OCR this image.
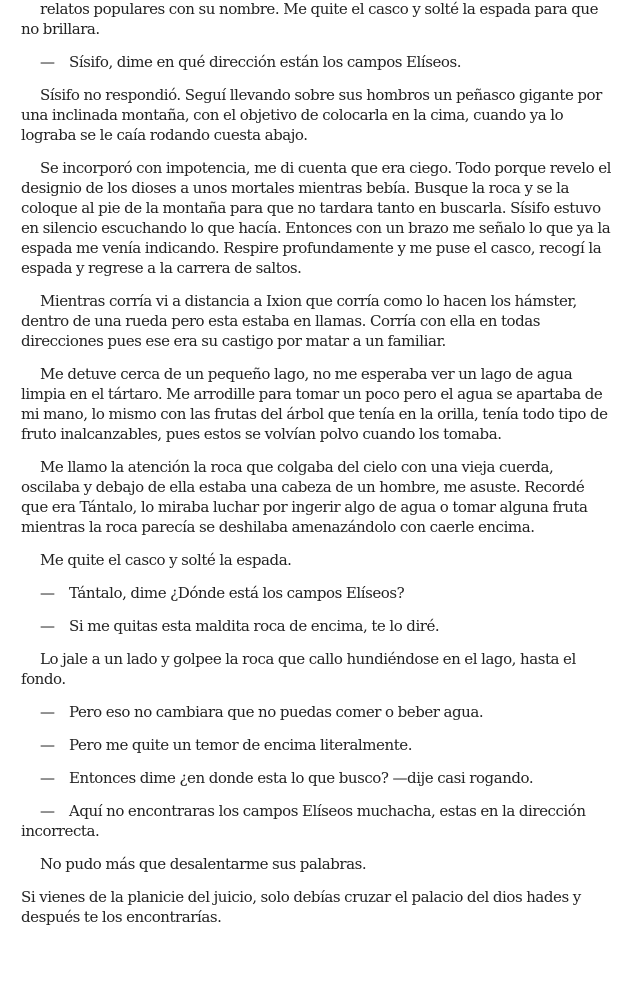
relatos populares con su nombre. Me quite el casco y solté la espada para que no brillara.

— Sísifo, dime en qué dirección están los campos Elíseos.

Sísifo no respondió. Seguí llevando sobre sus hombros un peñasco gigante por una inclinada montaña, con el objetivo de colocarla en la cima, cuando ya lo lograba se le caía rodando cuesta abajo.

Se incorporó con impotencia, me di cuenta que era ciego. Todo porque revelo el designio de los dioses a unos mortales mientras bebía. Busque la roca y se la coloque al pie de la montaña para que no tardara tanto en buscarla. Sísifo estuvo en silencio escuchando lo que hacía. Entonces con un brazo me señalo lo que ya la espada me venía indicando. Respire profundamente y me puse el casco, recogí la espada y regrese a la carrera de saltos.

Mientras corría vi a distancia a Ixion que corría como lo hacen los hámster, dentro de una rueda pero esta estaba en llamas. Corría con ella en todas direcciones pues ese era su castigo por matar a un familiar.

Me detuve cerca de un pequeño lago, no me esperaba ver un lago de agua limpia en el tártaro. Me arrodille para tomar un poco pero el agua se apartaba de mi mano, lo mismo con las frutas del árbol que tenía en la orilla, tenía todo tipo de fruto inalcanzables, pues estos se volvían polvo cuando los tomaba.

Me llamo la atención la roca que colgaba del cielo con una vieja cuerda, oscilaba y debajo de ella estaba una cabeza de un hombre, me asuste. Recordé que era Tántalo, lo miraba luchar por ingerir algo de agua o tomar alguna fruta mientras la roca parecía se deshilaba amenazándolo con caerle encima.

Me quite el casco y solté la espada.

— Tántalo, dime ¿Dónde está los campos Elíseos?

— Si me quitas esta maldita roca de encima, te lo diré.

Lo jale a un lado y golpee la roca que callo hundiéndose en el lago, hasta el fondo.

— Pero eso no cambiara que no puedas comer o beber agua.

— Pero me quite un temor de encima literalmente.

— Entonces dime ¿en donde esta lo que busco? —dije casi rogando.

— Aquí no encontraras los campos Elíseos muchacha, estas en la dirección incorrecta.

No pudo más que desalentarme sus palabras.

Si vienes de la planicie del juicio, solo debías cruzar el palacio del dios hades y después te los encontrarías.
